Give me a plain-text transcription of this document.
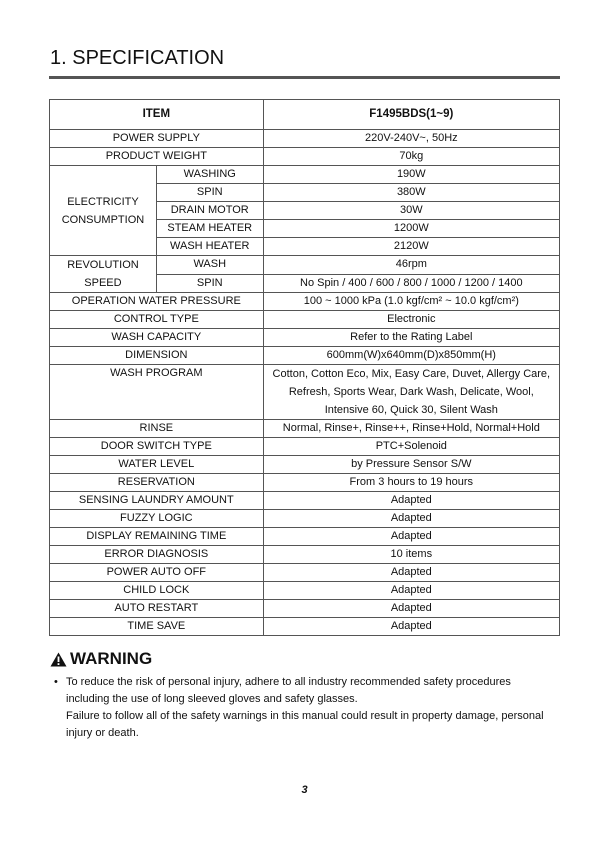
1. SPECIFICATION
ITEM		F1495BDS(1~9)
POWER SUPPLY		220V-240V~, 50Hz
PRODUCT WEIGHT		70kg
ELECTRICITY
CONSUMPTION	WASHING	190W
	SPIN	380W
	DRAIN MOTOR	30W
	STEAM HEATER	1200W
	WASH HEATER	2120W
REVOLUTION
SPEED	WASH	46rpm
	SPIN	No Spin / 400 / 600 / 800 / 1000 / 1200 / 1400
OPERATION WATER PRESSURE		100 ~ 1000 kPa (1.0 kgf/cm² ~ 10.0 kgf/cm²)
CONTROL TYPE		Electronic
WASH CAPACITY		Refer to the Rating Label
DIMENSION		600mm(W)x640mm(D)x850mm(H)
WASH PROGRAM		Cotton, Cotton Eco, Mix, Easy Care, Duvet, Allergy Care,
Refresh, Sports Wear, Dark Wash, Delicate, Wool,
Intensive 60, Quick 30, Silent Wash
RINSE		Normal, Rinse+, Rinse++, Rinse+Hold, Normal+Hold
DOOR SWITCH TYPE		PTC+Solenoid
WATER LEVEL		by Pressure Sensor S/W
RESERVATION		From 3 hours to 19 hours
SENSING LAUNDRY AMOUNT		Adapted
FUZZY LOGIC		Adapted
DISPLAY REMAINING TIME		Adapted
ERROR DIAGNOSIS		10 items
POWER AUTO OFF		Adapted
CHILD LOCK		Adapted
AUTO RESTART		Adapted
TIME SAVE		Adapted
WARNING
• To reduce the risk of personal injury, adhere to all industry recommended safety procedures including the use of long sleeved gloves and safety glasses.
Failure to follow all of the safety warnings in this manual could result in property damage, personal injury or death.
3
